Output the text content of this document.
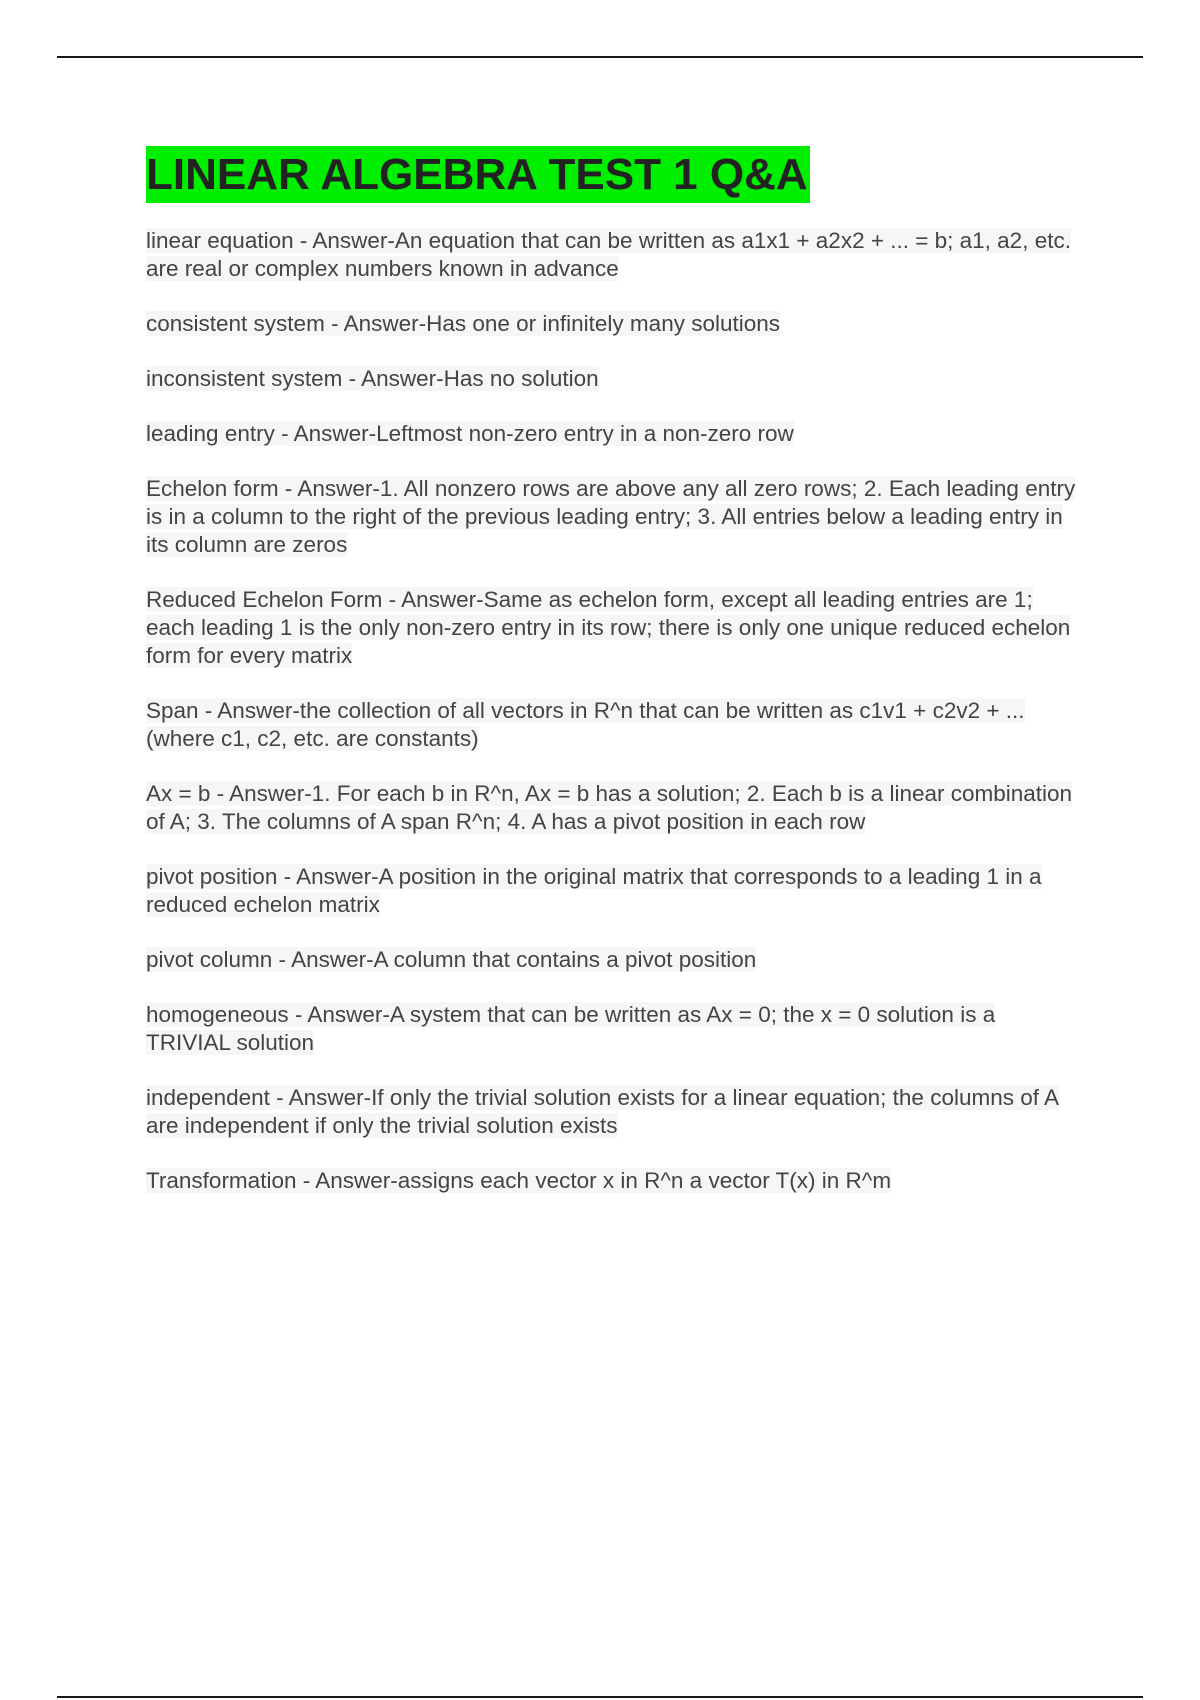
LINEAR ALGEBRA TEST 1 Q&A
linear equation - Answer-An equation that can be written as a1x1 + a2x2 + ... = b; a1, a2, etc. are real or complex numbers known in advance
consistent system - Answer-Has one or infinitely many solutions
inconsistent system - Answer-Has no solution
leading entry - Answer-Leftmost non-zero entry in a non-zero row
Echelon form - Answer-1. All nonzero rows are above any all zero rows; 2. Each leading entry is in a column to the right of the previous leading entry; 3. All entries below a leading entry in its column are zeros
Reduced Echelon Form - Answer-Same as echelon form, except all leading entries are 1; each leading 1 is the only non-zero entry in its row; there is only one unique reduced echelon form for every matrix
Span - Answer-the collection of all vectors in R^n that can be written as c1v1 + c2v2 + ... (where c1, c2, etc. are constants)
Ax = b - Answer-1. For each b in R^n, Ax = b has a solution; 2. Each b is a linear combination of A; 3. The columns of A span R^n; 4. A has a pivot position in each row
pivot position - Answer-A position in the original matrix that corresponds to a leading 1 in a reduced echelon matrix
pivot column - Answer-A column that contains a pivot position
homogeneous - Answer-A system that can be written as Ax = 0; the x = 0 solution is a TRIVIAL solution
independent - Answer-If only the trivial solution exists for a linear equation; the columns of A are independent if only the trivial solution exists
Transformation - Answer-assigns each vector x in R^n a vector T(x) in R^m
